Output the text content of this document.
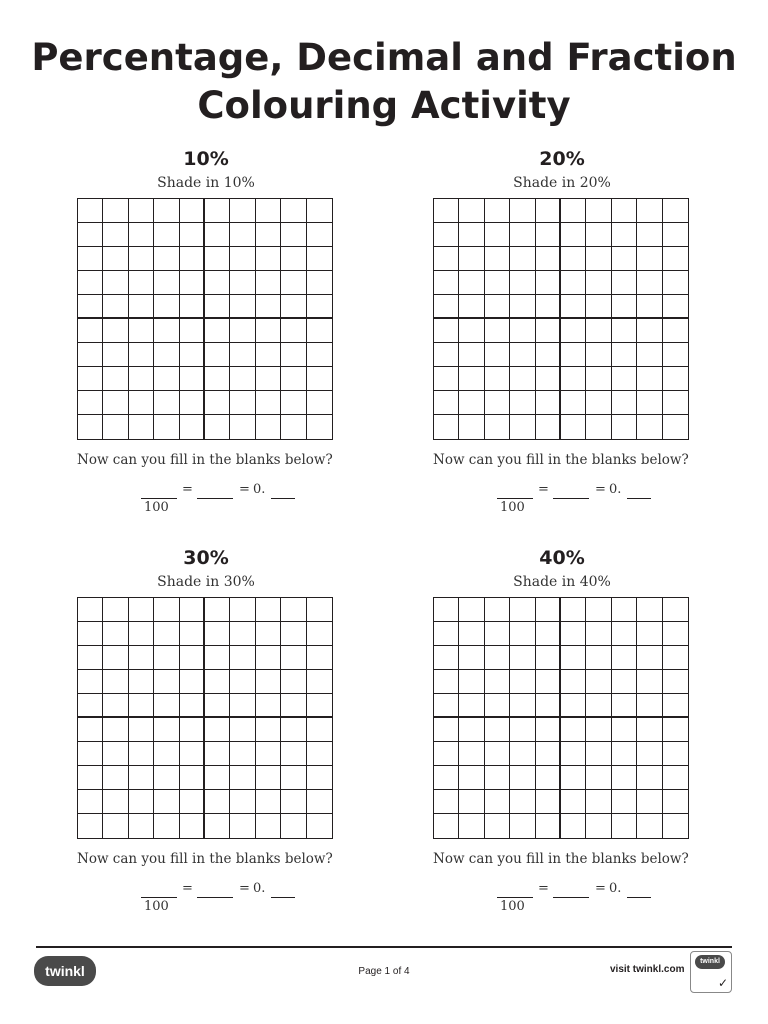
Percentage, Decimal and Fraction
Colouring Activity
10%
Shade in 10%
Now can you fill in the blanks below?
=	= 0.
100
20%
Shade in 20%
Now can you fill in the blanks below?
=	= 0.
100
30%
Shade in 30%
Now can you fill in the blanks below?
=	= 0.
100
40%
Shade in 40%
Now can you fill in the blanks below?
=	= 0.
100
twinkl	Page 1 of 4	visit twinkl.com
twinkl
✓
